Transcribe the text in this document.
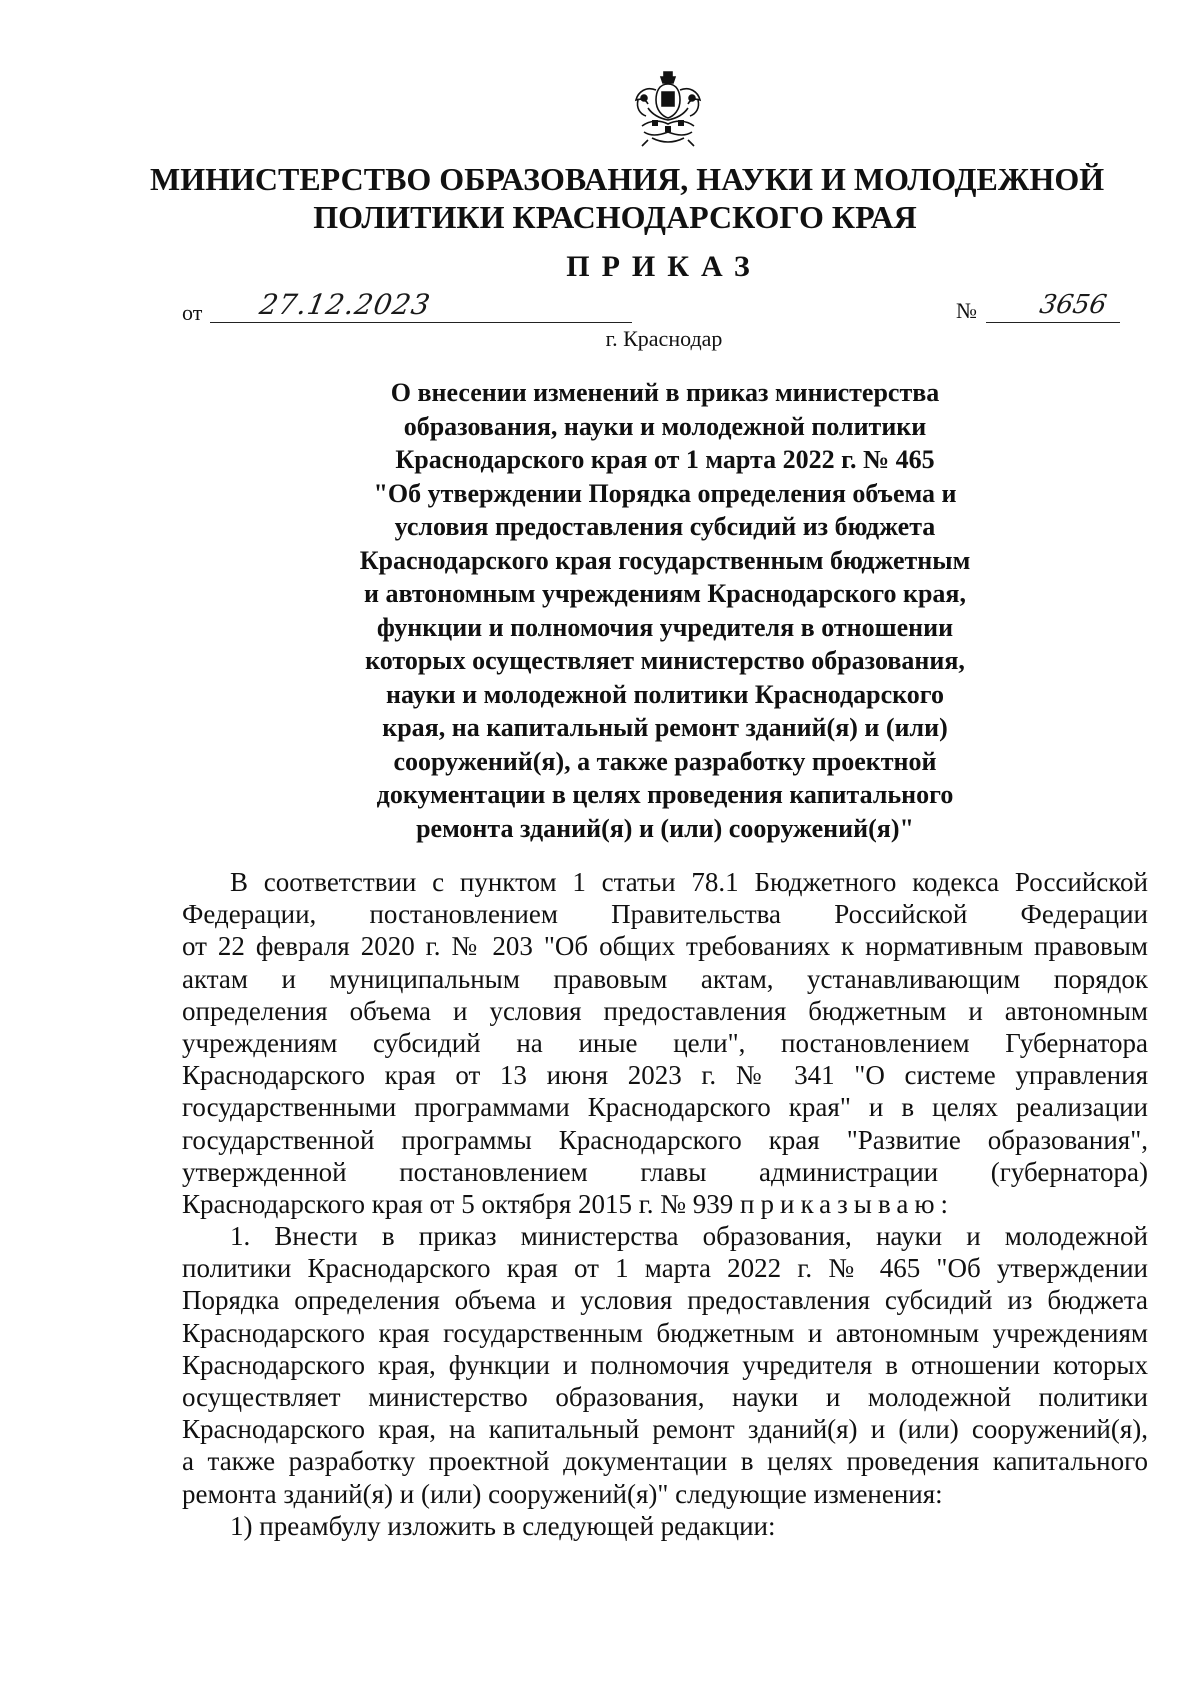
МИНИСТЕРСТВО ОБРАЗОВАНИЯ, НАУКИ И МОЛОДЕЖНОЙ
ПОЛИТИКИ КРАСНОДАРСКОГО КРАЯ
ПРИКАЗ
от 27.12.2023	№ 3656
г. Краснодар
О внесении изменений в приказ министерства
образования, науки и молодежной политики
Краснодарского края от 1 марта 2022 г. № 465
"Об утверждении Порядка определения объема и
условия предоставления субсидий из бюджета
Краснодарского края государственным бюджетным
и автономным учреждениям Краснодарского края,
функции и полномочия учредителя в отношении
которых осуществляет министерство образования,
науки и молодежной политики Краснодарского
края, на капитальный ремонт зданий(я) и (или)
сооружений(я), а также разработку проектной
документации в целях проведения капитального
ремонта зданий(я) и (или) сооружений(я)"
В соответствии с пунктом 1 статьи 78.1 Бюджетного кодекса Российской
Федерации, постановлением Правительства Российской Федерации
от 22 февраля 2020 г. № 203 "Об общих требованиях к нормативным правовым
актам и муниципальным правовым актам, устанавливающим порядок
определения объема и условия предоставления бюджетным и автономным
учреждениям субсидий на иные цели", постановлением Губернатора
Краснодарского края от 13 июня 2023 г. № 341 "О системе управления
государственными программами Краснодарского края" и в целях реализации
государственной программы Краснодарского края "Развитие образования",
утвержденной постановлением главы администрации (губернатора)
Краснодарского края от 5 октября 2015 г. № 939 приказываю:
1. Внести в приказ министерства образования, науки и молодежной
политики Краснодарского края от 1 марта 2022 г. № 465 "Об утверждении
Порядка определения объема и условия предоставления субсидий из бюджета
Краснодарского края государственным бюджетным и автономным учреждениям
Краснодарского края, функции и полномочия учредителя в отношении которых
осуществляет министерство образования, науки и молодежной политики
Краснодарского края, на капитальный ремонт зданий(я) и (или) сооружений(я),
а также разработку проектной документации в целях проведения капитального
ремонта зданий(я) и (или) сооружений(я)" следующие изменения:
1) преамбулу изложить в следующей редакции:
